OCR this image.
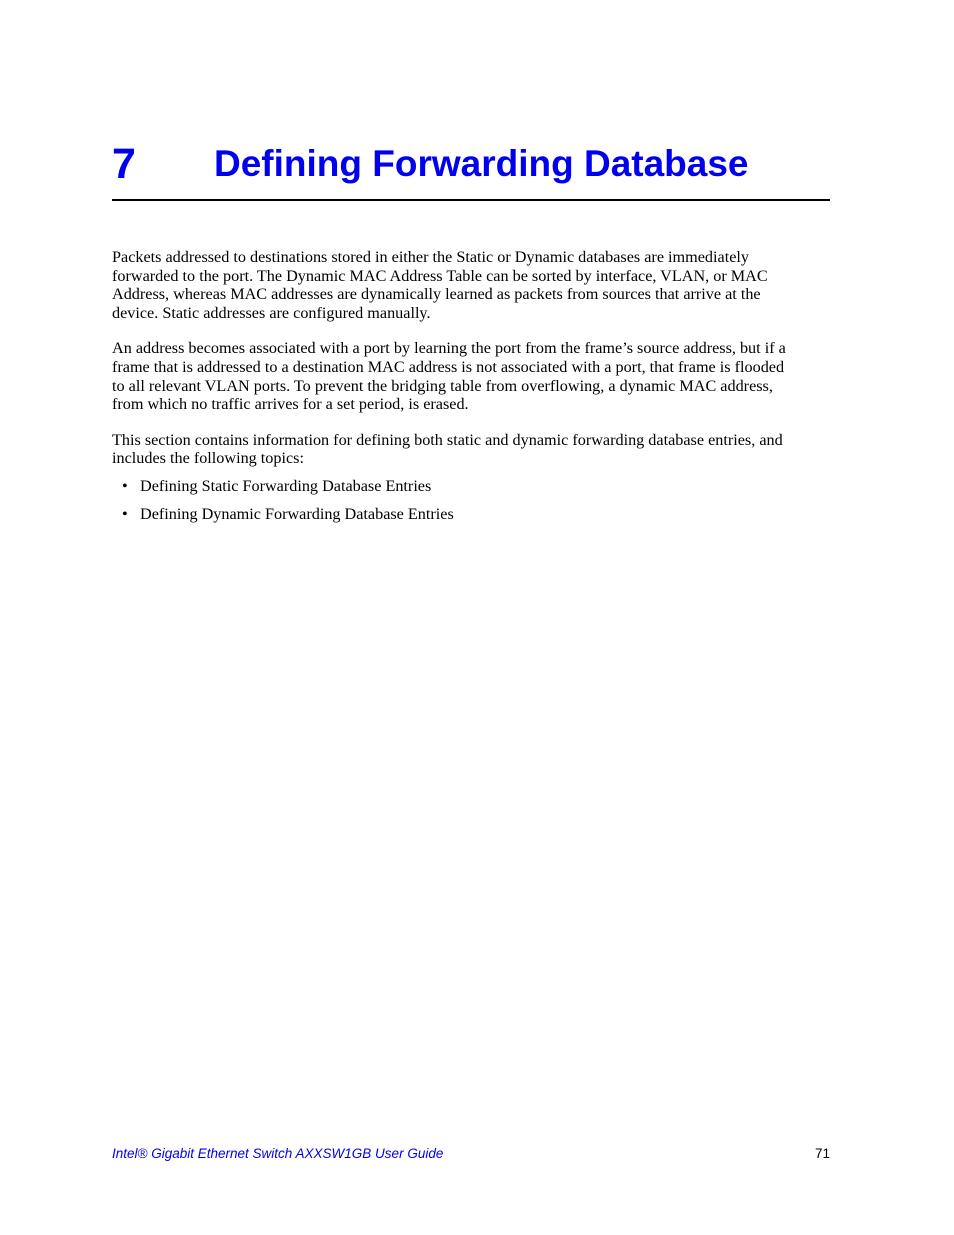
7	Defining Forwarding Database

Packets addressed to destinations stored in either the Static or Dynamic databases are immediately
forwarded to the port. The Dynamic MAC Address Table can be sorted by interface, VLAN, or MAC
Address, whereas MAC addresses are dynamically learned as packets from sources that arrive at the
device. Static addresses are configured manually.

An address becomes associated with a port by learning the port from the frame’s source address, but if a
frame that is addressed to a destination MAC address is not associated with a port, that frame is flooded
to all relevant VLAN ports. To prevent the bridging table from overflowing, a dynamic MAC address,
from which no traffic arrives for a set period, is erased.

This section contains information for defining both static and dynamic forwarding database entries, and
includes the following topics:

• Defining Static Forwarding Database Entries
• Defining Dynamic Forwarding Database Entries
Intel® Gigabit Ethernet Switch AXXSW1GB User Guide	71
